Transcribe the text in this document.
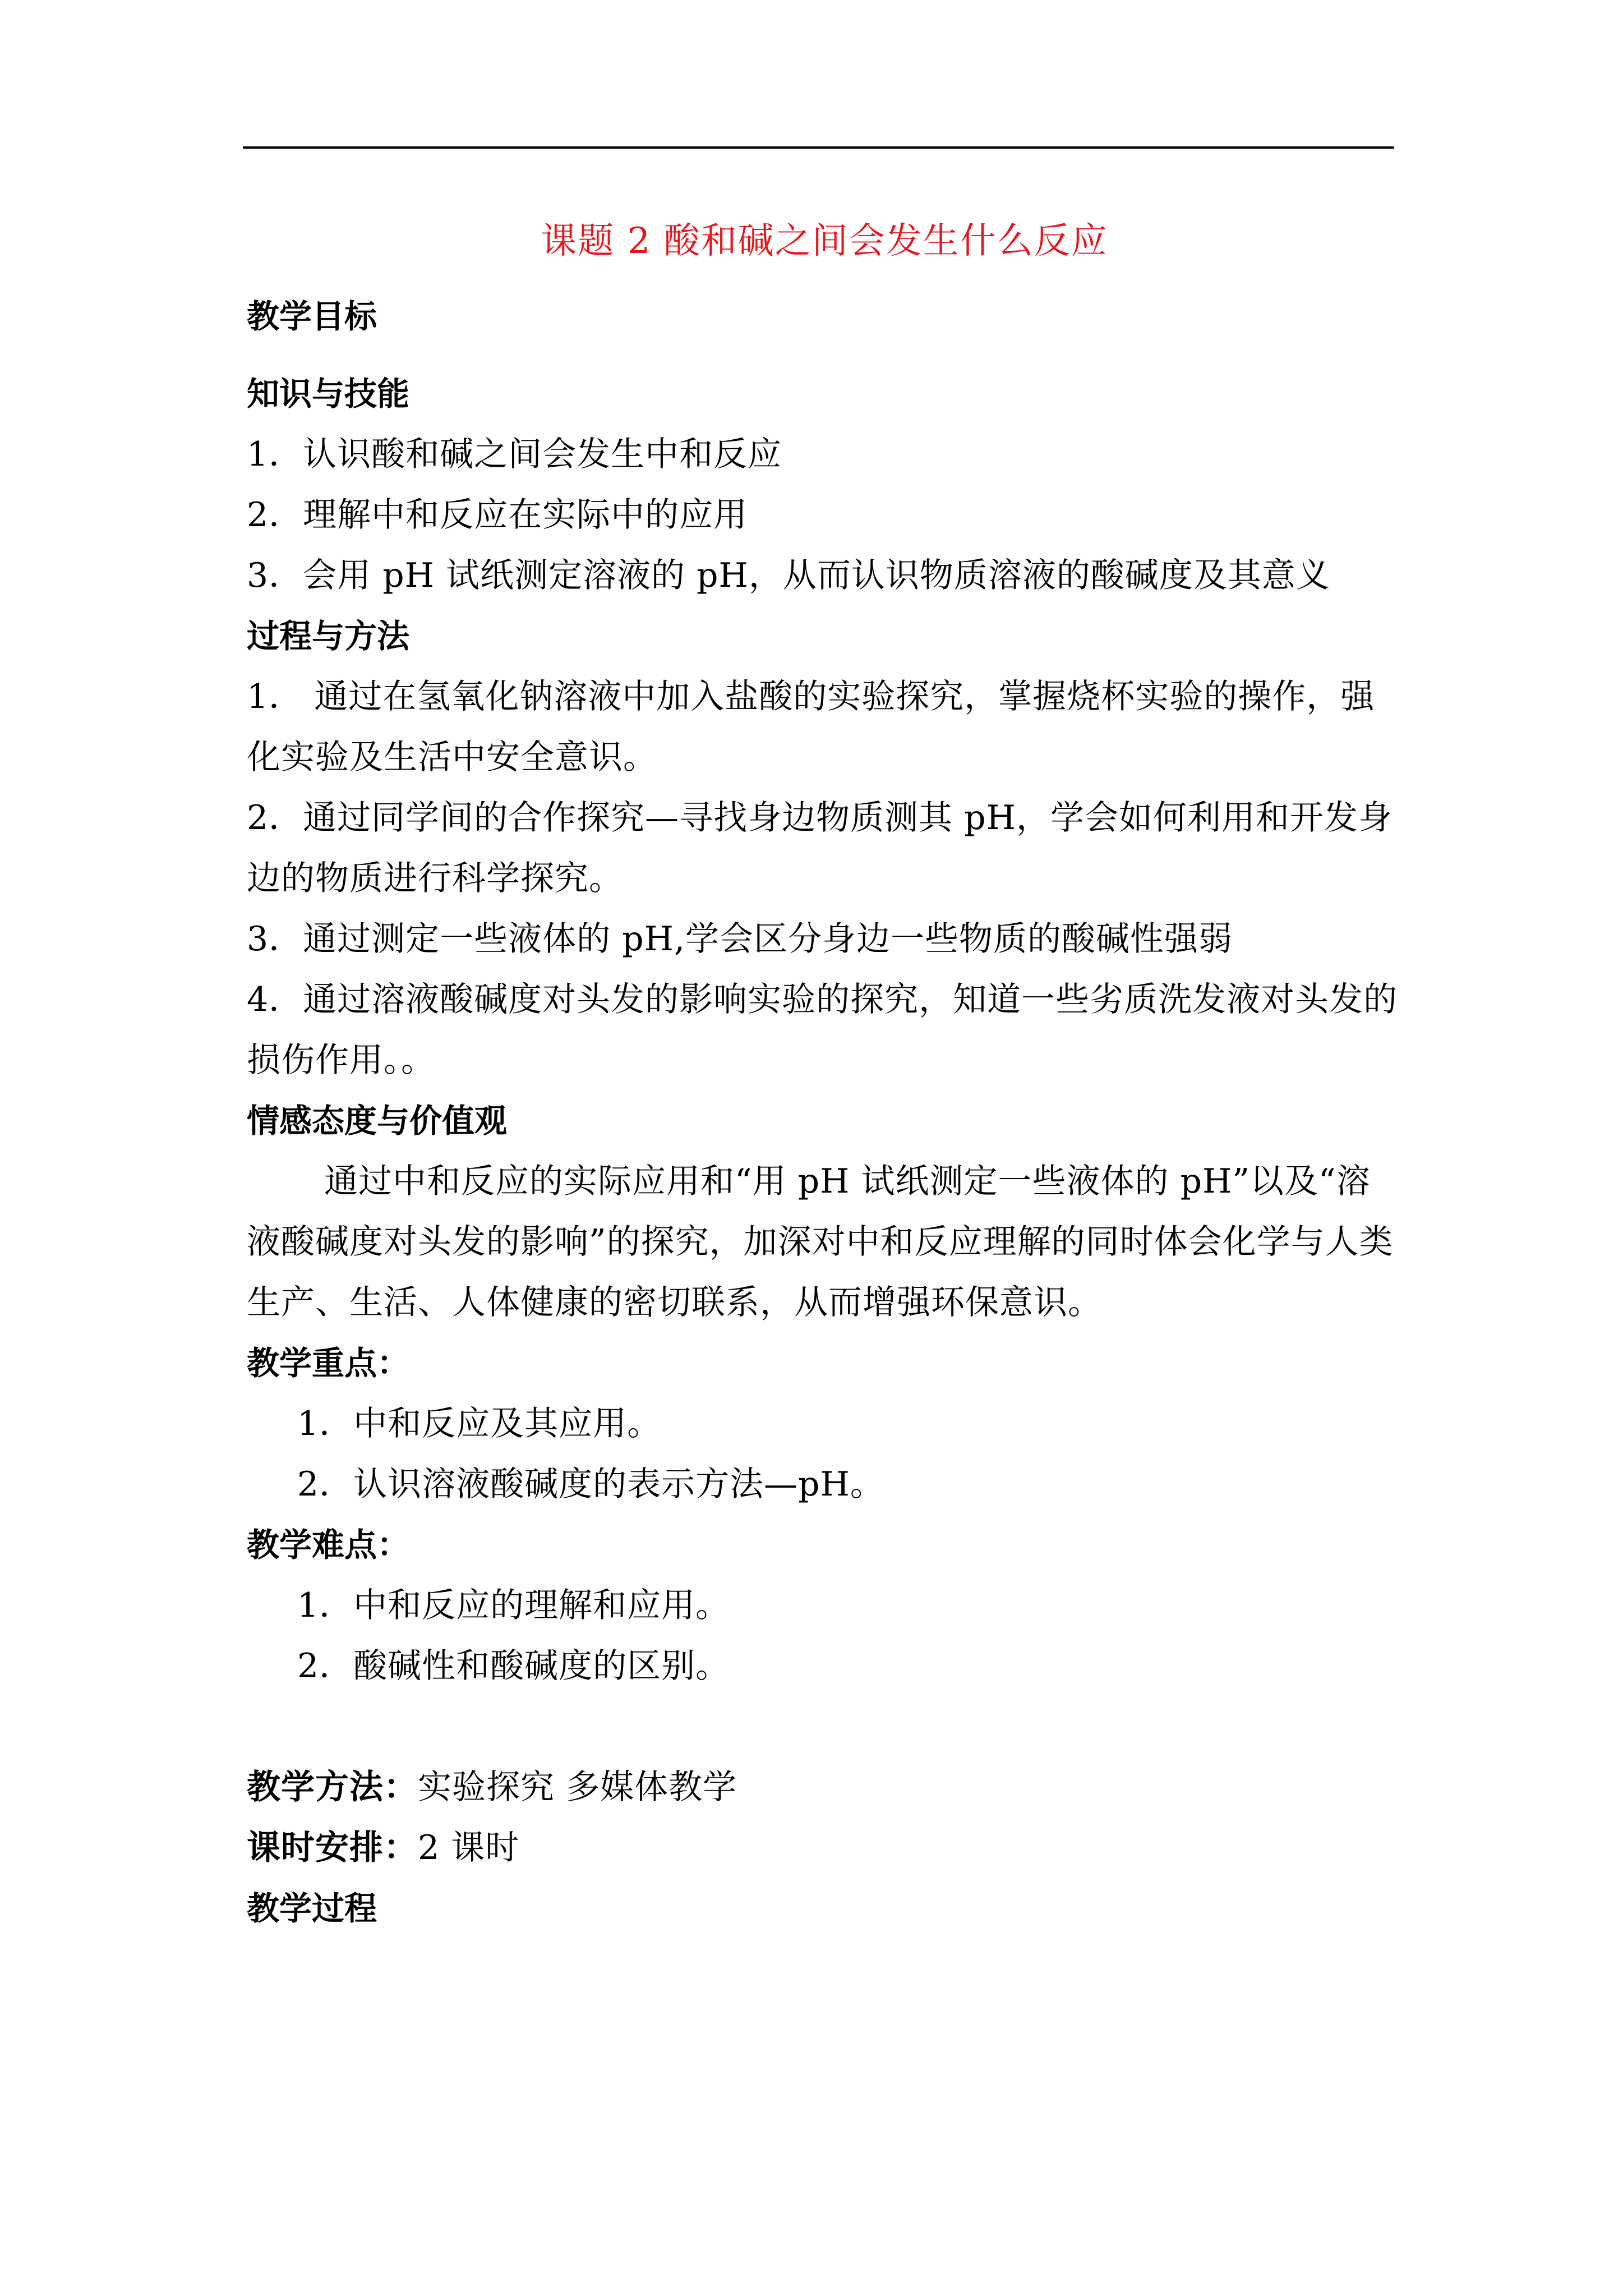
课题 2 酸和碱之间会发生什么反应
教学目标
知识与技能
1．认识酸和碱之间会发生中和反应
2．理解中和反应在实际中的应用
3．会用 pH 试纸测定溶液的 pH，从而认识物质溶液的酸碱度及其意义
过程与方法
1． 通过在氢氧化钠溶液中加入盐酸的实验探究，掌握烧杯实验的操作，强化实验及生活中安全意识。
2．通过同学间的合作探究—寻找身边物质测其 pH，学会如何利用和开发身边的物质进行科学探究。
3．通过测定一些液体的 pH,学会区分身边一些物质的酸碱性强弱
4．通过溶液酸碱度对头发的影响实验的探究，知道一些劣质洗发液对头发的损伤作用。。
情感态度与价值观
通过中和反应的实际应用和“用 pH 试纸测定一些液体的 pH”以及“溶液酸碱度对头发的影响”的探究，加深对中和反应理解的同时体会化学与人类生产、生活、人体健康的密切联系，从而增强环保意识。
教学重点：
1．中和反应及其应用。
2．认识溶液酸碱度的表示方法—pH。
教学难点：
1．中和反应的理解和应用。
2．酸碱性和酸碱度的区别。
教学方法：实验探究 多媒体教学
课时安排：2 课时
教学过程
